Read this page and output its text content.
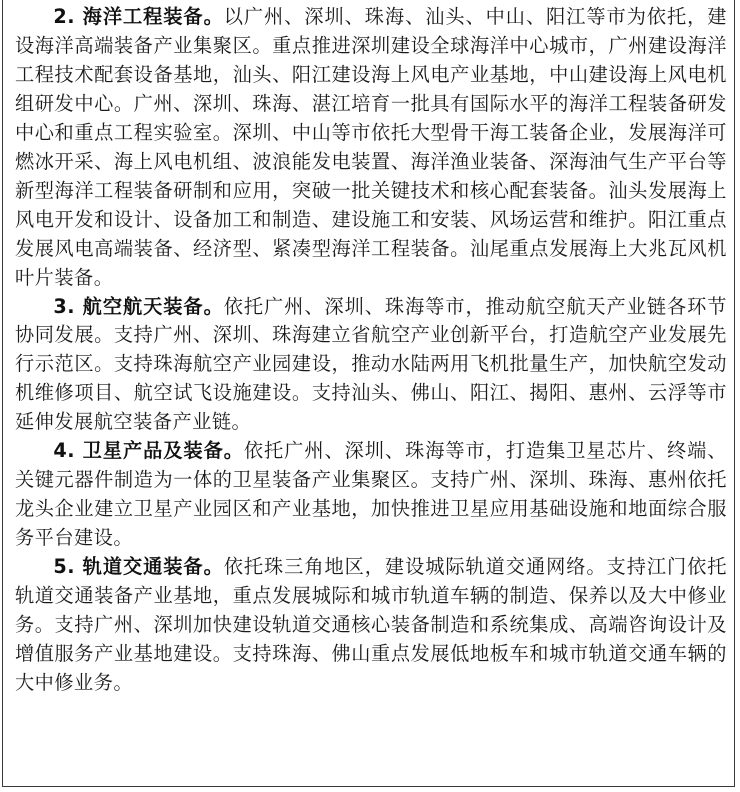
2. 海洋工程装备。以广州、深圳、珠海、汕头、中山、阳江等市为依托，建设海洋高端装备产业集聚区。重点推进深圳建设全球海洋中心城市，广州建设海洋工程技术配套设备基地，汕头、阳江建设海上风电产业基地，中山建设海上风电机组研发中心。广州、深圳、珠海、湛江培育一批具有国际水平的海洋工程装备研发中心和重点工程实验室。深圳、中山等市依托大型骨干海工装备企业，发展海洋可燃冰开采、海上风电机组、波浪能发电装置、海洋渔业装备、深海油气生产平台等新型海洋工程装备研制和应用，突破一批关键技术和核心配套装备。汕头发展海上风电开发和设计、设备加工和制造、建设施工和安装、风场运营和维护。阳江重点发展风电高端装备、经济型、紧凑型海洋工程装备。汕尾重点发展海上大兆瓦风机叶片装备。

3. 航空航天装备。依托广州、深圳、珠海等市，推动航空航天产业链各环节协同发展。支持广州、深圳、珠海建立省航空产业创新平台，打造航空产业发展先行示范区。支持珠海航空产业园建设，推动水陆两用飞机批量生产，加快航空发动机维修项目、航空试飞设施建设。支持汕头、佛山、阳江、揭阳、惠州、云浮等市延伸发展航空装备产业链。

4. 卫星产品及装备。依托广州、深圳、珠海等市，打造集卫星芯片、终端、关键元器件制造为一体的卫星装备产业集聚区。支持广州、深圳、珠海、惠州依托龙头企业建立卫星产业园区和产业基地，加快推进卫星应用基础设施和地面综合服务平台建设。

5. 轨道交通装备。依托珠三角地区，建设城际轨道交通网络。支持江门依托轨道交通装备产业基地，重点发展城际和城市轨道车辆的制造、保养以及大中修业务。支持广州、深圳加快建设轨道交通核心装备制造和系统集成、高端咨询设计及增值服务产业基地建设。支持珠海、佛山重点发展低地板车和城市轨道交通车辆的大中修业务。
